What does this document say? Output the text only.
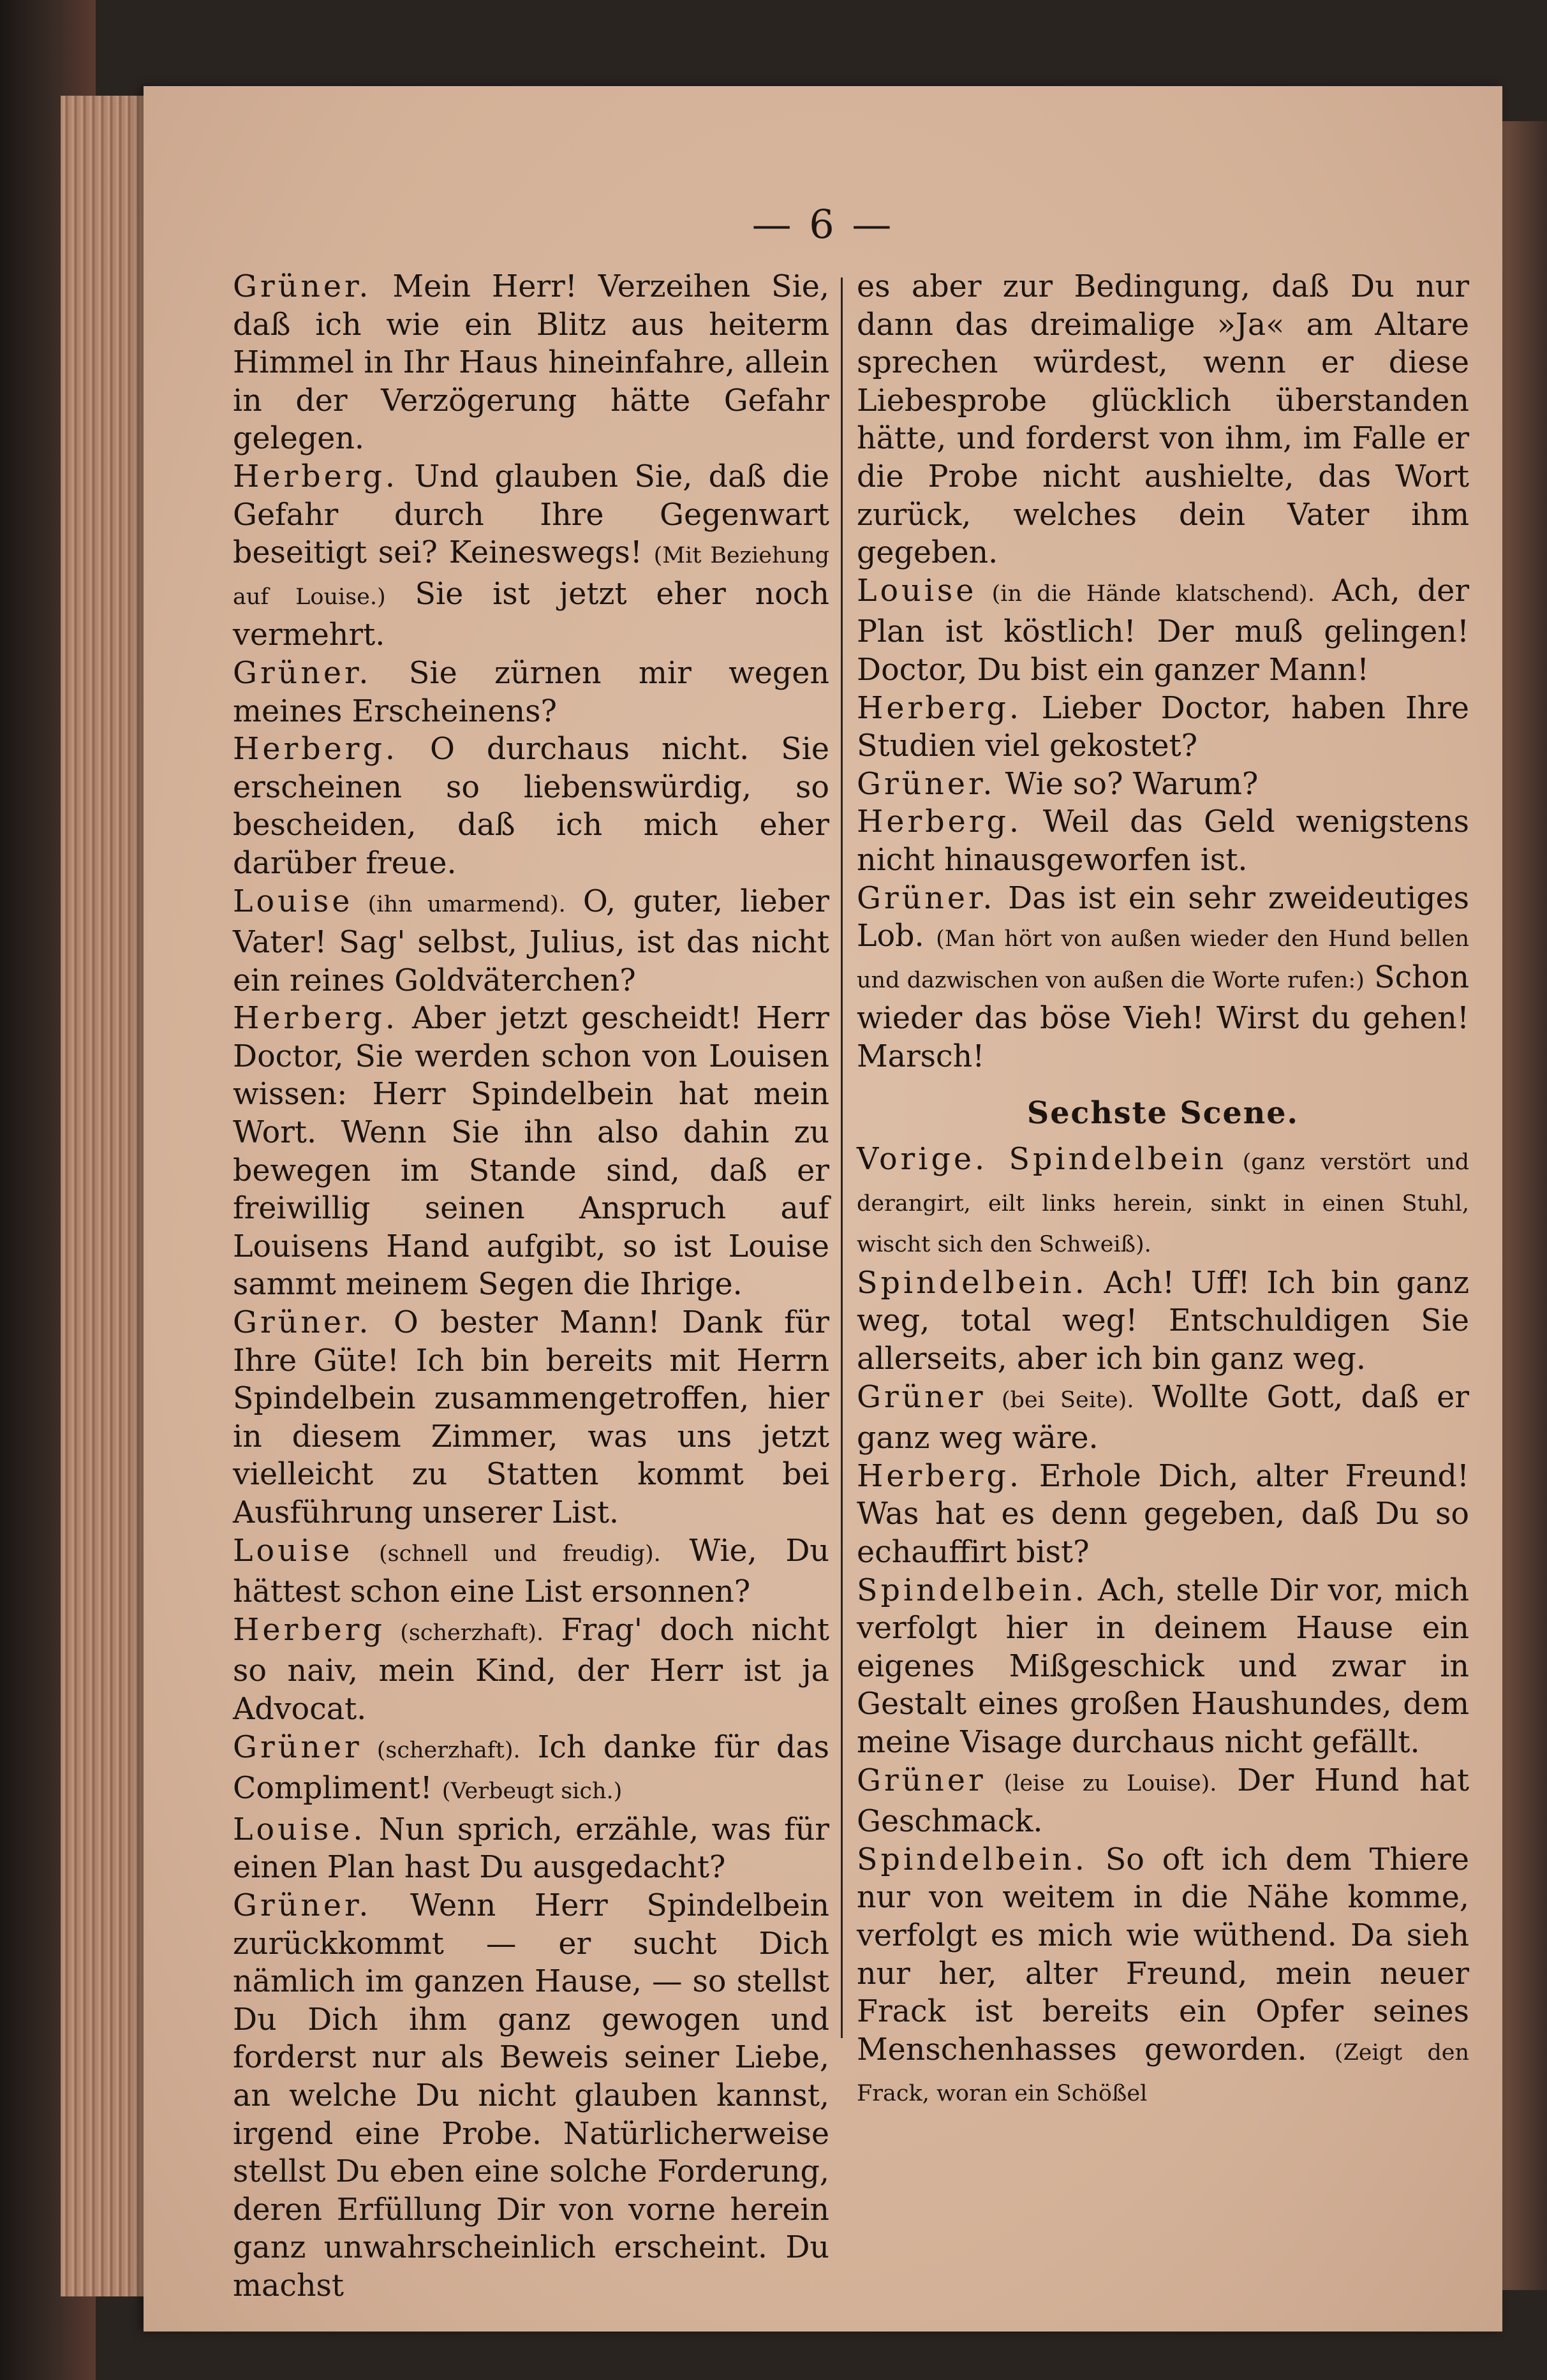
— 6 —

Grüner. Mein Herr! Verzeihen Sie, daß ich wie ein Blitz aus heiterm Himmel in Ihr Haus hineinfahre, allein in der Verzögerung hätte Gefahr gelegen.

Herberg. Und glauben Sie, daß die Gefahr durch Ihre Gegenwart beseitigt sei? Keineswegs! (Mit Beziehung auf Louise.) Sie ist jetzt eher noch vermehrt.

Grüner. Sie zürnen mir wegen meines Erscheinens?

Herberg. O durchaus nicht. Sie erscheinen so liebenswürdig, so bescheiden, daß ich mich eher darüber freue.

Louise (ihn umarmend). O, guter, lieber Vater! Sag' selbst, Julius, ist das nicht ein reines Goldväterchen?

Herberg. Aber jetzt gescheidt! Herr Doctor, Sie werden schon von Louisen wissen: Herr Spindelbein hat mein Wort. Wenn Sie ihn also dahin zu bewegen im Stande sind, daß er freiwillig seinen Anspruch auf Louisens Hand aufgibt, so ist Louise sammt meinem Segen die Ihrige.

Grüner. O bester Mann! Dank für Ihre Güte! Ich bin bereits mit Herrn Spindelbein zusammengetroffen, hier in diesem Zimmer, was uns jetzt vielleicht zu Statten kommt bei Ausführung unserer List.

Louise (schnell und freudig). Wie, Du hättest schon eine List ersonnen?

Herberg (scherzhaft). Frag' doch nicht so naiv, mein Kind, der Herr ist ja Advocat.

Grüner (scherzhaft). Ich danke für das Compliment! (Verbeugt sich.)

Louise. Nun sprich, erzähle, was für einen Plan hast Du ausgedacht?

Grüner. Wenn Herr Spindelbein zurückkommt — er sucht Dich nämlich im ganzen Hause, — so stellst Du Dich ihm ganz gewogen und forderst nur als Beweis seiner Liebe, an welche Du nicht glauben kannst, irgend eine Probe. Natürlicherweise stellst Du eben eine solche Forderung, deren Erfüllung Dir von vorne herein ganz unwahrscheinlich erscheint. Du machst

es aber zur Bedingung, daß Du nur dann das dreimalige »Ja« am Altare sprechen würdest, wenn er diese Liebesprobe glücklich überstanden hätte, und forderst von ihm, im Falle er die Probe nicht aushielte, das Wort zurück, welches dein Vater ihm gegeben.

Louise (in die Hände klatschend). Ach, der Plan ist köstlich! Der muß gelingen! Doctor, Du bist ein ganzer Mann!

Herberg. Lieber Doctor, haben Ihre Studien viel gekostet?

Grüner. Wie so? Warum?

Herberg. Weil das Geld wenigstens nicht hinausgeworfen ist.

Grüner. Das ist ein sehr zweideutiges Lob. (Man hört von außen wieder den Hund bellen und dazwischen von außen die Worte rufen:) Schon wieder das böse Vieh! Wirst du gehen! Marsch!

Sechste Scene.

Vorige. Spindelbein (ganz verstört und derangirt, eilt links herein, sinkt in einen Stuhl, wischt sich den Schweiß).

Spindelbein. Ach! Uff! Ich bin ganz weg, total weg! Entschuldigen Sie allerseits, aber ich bin ganz weg.

Grüner (bei Seite). Wollte Gott, daß er ganz weg wäre.

Herberg. Erhole Dich, alter Freund! Was hat es denn gegeben, daß Du so echauffirt bist?

Spindelbein. Ach, stelle Dir vor, mich verfolgt hier in deinem Hause ein eigenes Mißgeschick und zwar in Gestalt eines großen Haushundes, dem meine Visage durchaus nicht gefällt.

Grüner (leise zu Louise). Der Hund hat Geschmack.

Spindelbein. So oft ich dem Thiere nur von weitem in die Nähe komme, verfolgt es mich wie wüthend. Da sieh nur her, alter Freund, mein neuer Frack ist bereits ein Opfer seines Menschenhasses geworden. (Zeigt den Frack, woran ein Schößel
